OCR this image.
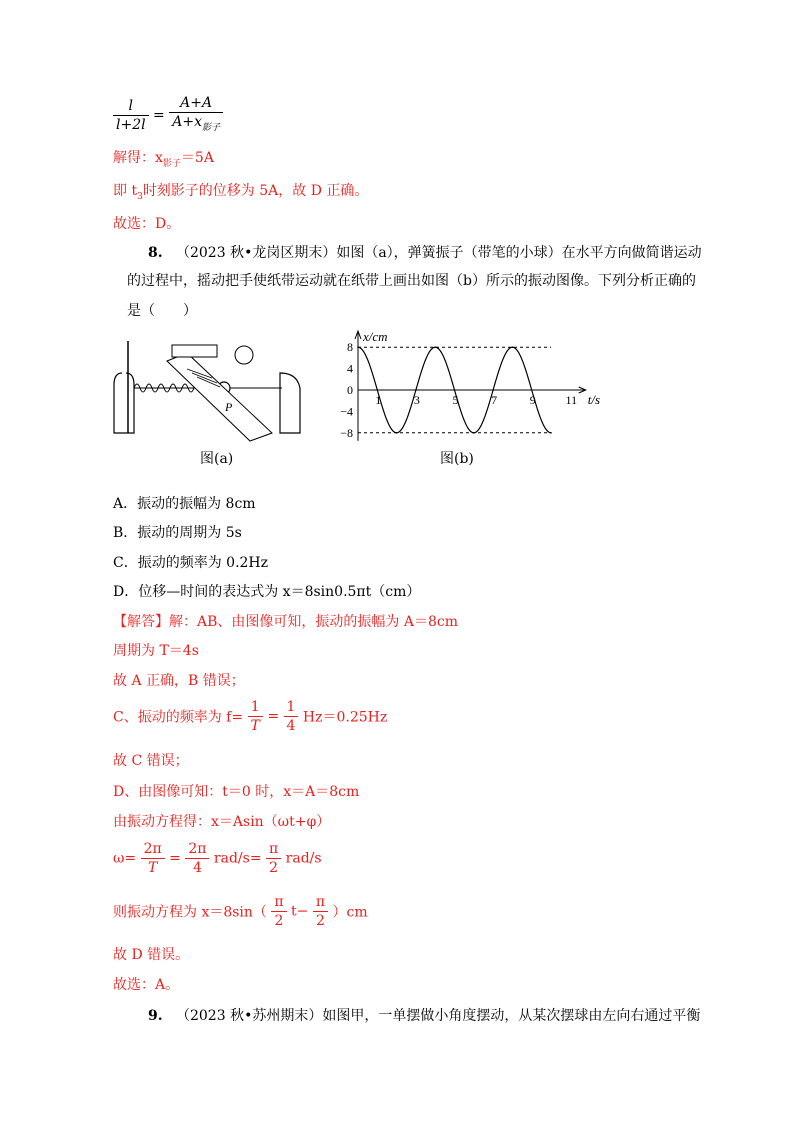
$\frac{l}{l+2l} = \frac{A+A}{A+x_{影子}}$
解得：$x_{影子}=5A$
即 $t_3$时刻影子的位移为 5A，故 D 正确。
故选：D。
8. （2023 秋•龙岗区期末）如图（a），弹簧振子（带笔的小球）在水平方向做简谐运动
的过程中，摇动把手使纸带运动就在纸带上画出如图（b）所示的振动图像。下列分析正确的
是（　　）
P
图(a)
8
4
0
−4
−8
1	3	5	7	9 11
x/cm
t/s
图(b)
A．振动的振幅为 8cm
B．振动的周期为 5s
C．振动的频率为 0.2Hz
D．位移—时间的表达式为 x＝8sin0.5πt（cm）
【解答】解：AB、由图像可知，振动的振幅为 A＝8cm
周期为 T＝4s
故 A 正确，B 错误；
C、振动的频率为 $f= \frac{1}{T} = \frac{1}{4} Hz=0.25Hz$
故 C 错误；
D、由图像可知：t＝0 时，x＝A＝8cm
由振动方程得：x＝Asin（ωt+φ）
$\omega= \frac{2\pi}{T} = \frac{2\pi}{4} rad/s= \frac{\pi}{2} rad/s$
则振动方程为 $x=8\sin( \frac{\pi}{2} t- \frac{\pi}{2} )cm$
故 D 错误。
故选：A。
9. （2023 秋•苏州期末）如图甲，一单摆做小角度摆动，从某次摆球由左向右通过平衡
